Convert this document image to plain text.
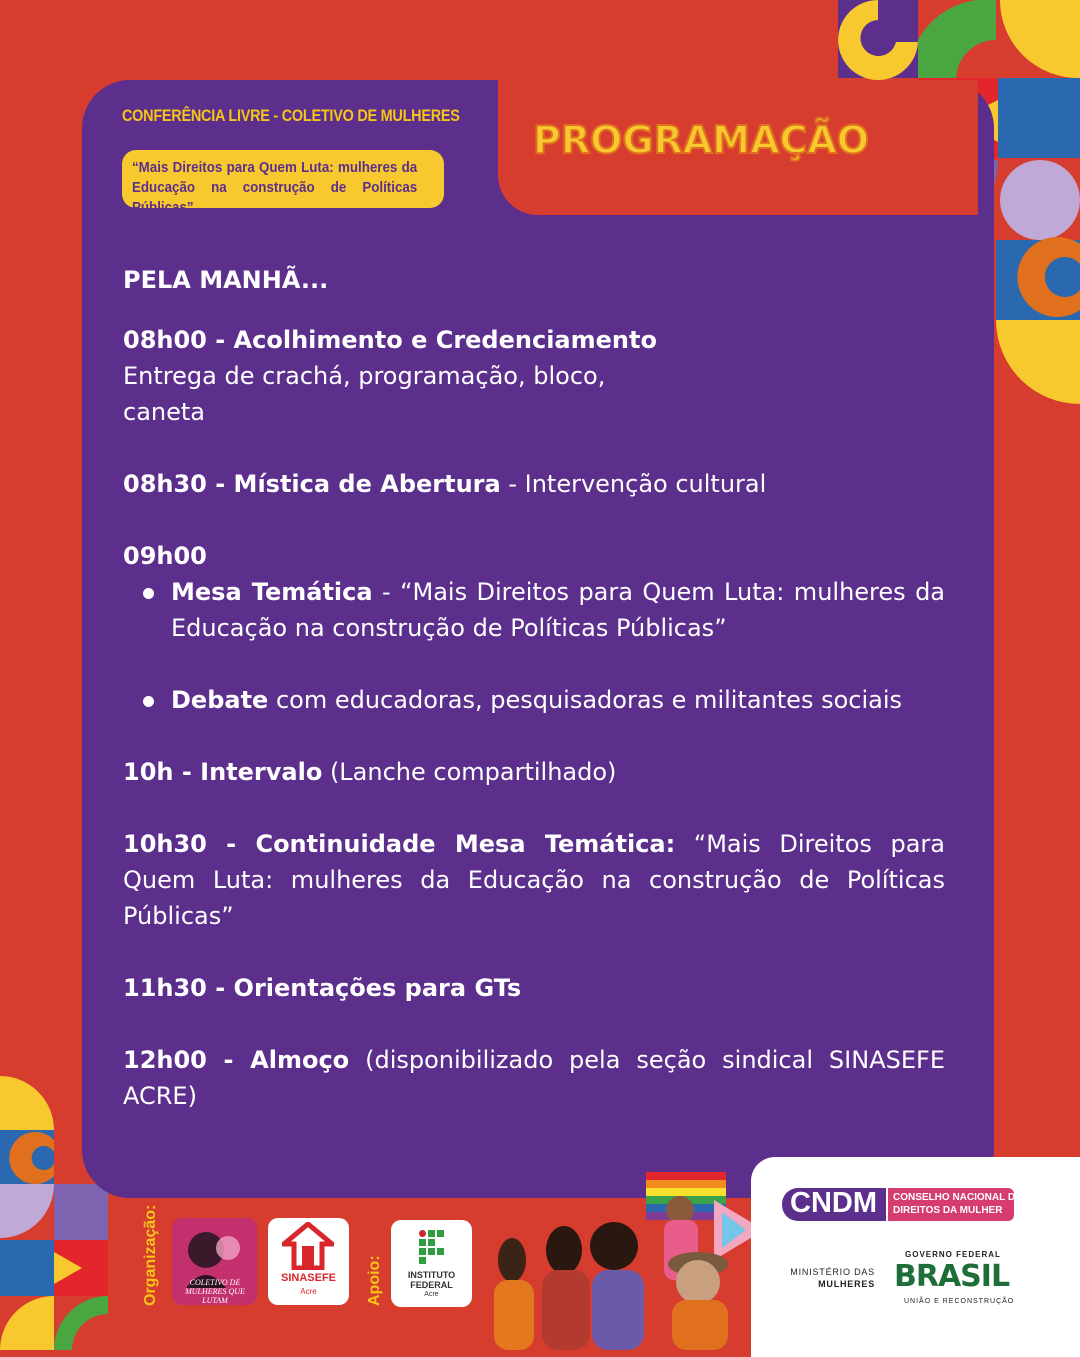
CONFERÊNCIA LIVRE - COLETIVO DE MULHERES
“Mais Direitos para Quem Luta: mulheres da Educação na construção de Políticas Públicas”
PROGRAMAÇÃO

PELA MANHÃ...

08h00 - Acolhimento e Credenciamento

Entrega de crachá, programação, bloco,

caneta

08h30 - Mística de Abertura - Intervenção cultural

09h00

Mesa Temática - “Mais Direitos para Quem Luta: mulheres da Educação na construção de Políticas Públicas”
Debate com educadoras, pesquisadoras e militantes sociais

10h - Intervalo (Lanche compartilhado)

10h30 - Continuidade Mesa Temática: “Mais Direitos para Quem Luta: mulheres da Educação na construção de Políticas Públicas”

11h30 - Orientações para GTs

12h00 - Almoço (disponibilizado pela seção sindical SINASEFE ACRE)

Organização:	COLETIVO DE MULHERES QUE LUTAM
SINASEFE
Acre	Apoio:	INSTITUTO
FEDERAL
Acre
CNDM CONSELHO NACIONAL DOS
DIREITOS DA MULHER
MINISTÉRIO DAS
MULHERES
GOVERNO FEDERAL
BRASIL
UNIÃO E RECONSTRUÇÃO
